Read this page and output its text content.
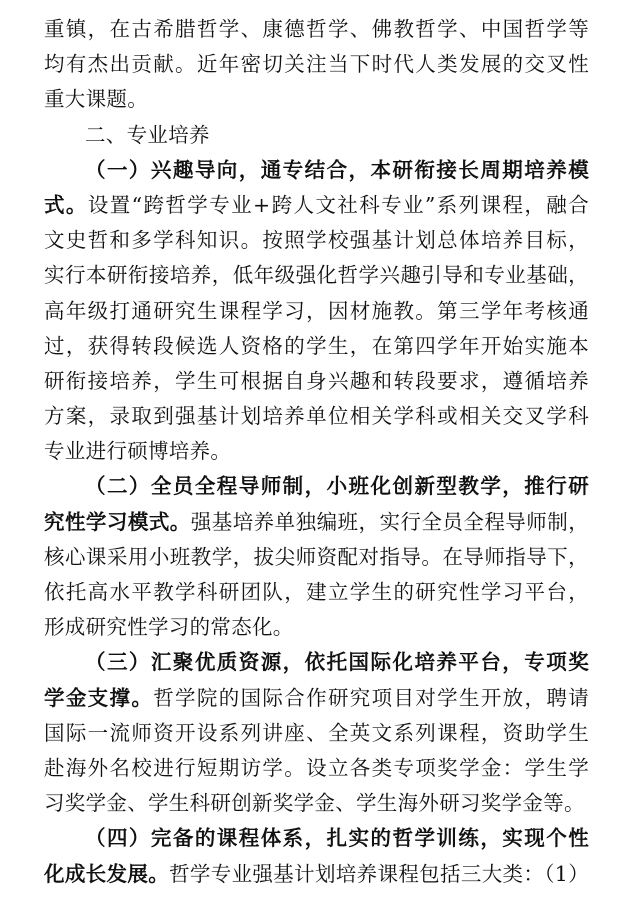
重镇，在古希腊哲学、康德哲学、佛教哲学、中国哲学等
均有杰出贡献。近年密切关注当下时代人类发展的交叉性
重大课题。
二、专业培养
（一）兴趣导向，通专结合，本研衔接长周期培养模
式。设置“跨哲学专业+跨人文社科专业”系列课程，融合
文史哲和多学科知识。按照学校强基计划总体培养目标，
实行本研衔接培养，低年级强化哲学兴趣引导和专业基础，
高年级打通研究生课程学习，因材施教。第三学年考核通
过，获得转段候选人资格的学生，在第四学年开始实施本
研衔接培养，学生可根据自身兴趣和转段要求，遵循培养
方案，录取到强基计划培养单位相关学科或相关交叉学科
专业进行硕博培养。
（二）全员全程导师制，小班化创新型教学，推行研
究性学习模式。强基培养单独编班，实行全员全程导师制，
核心课采用小班教学，拔尖师资配对指导。在导师指导下，
依托高水平教学科研团队，建立学生的研究性学习平台，
形成研究性学习的常态化。
（三）汇聚优质资源，依托国际化培养平台，专项奖
学金支撑。哲学院的国际合作研究项目对学生开放，聘请
国际一流师资开设系列讲座、全英文系列课程，资助学生
赴海外名校进行短期访学。设立各类专项奖学金：学生学
习奖学金、学生科研创新奖学金、学生海外研习奖学金等。
（四）完备的课程体系，扎实的哲学训练，实现个性
化成长发展。哲学专业强基计划培养课程包括三大类：（1）
